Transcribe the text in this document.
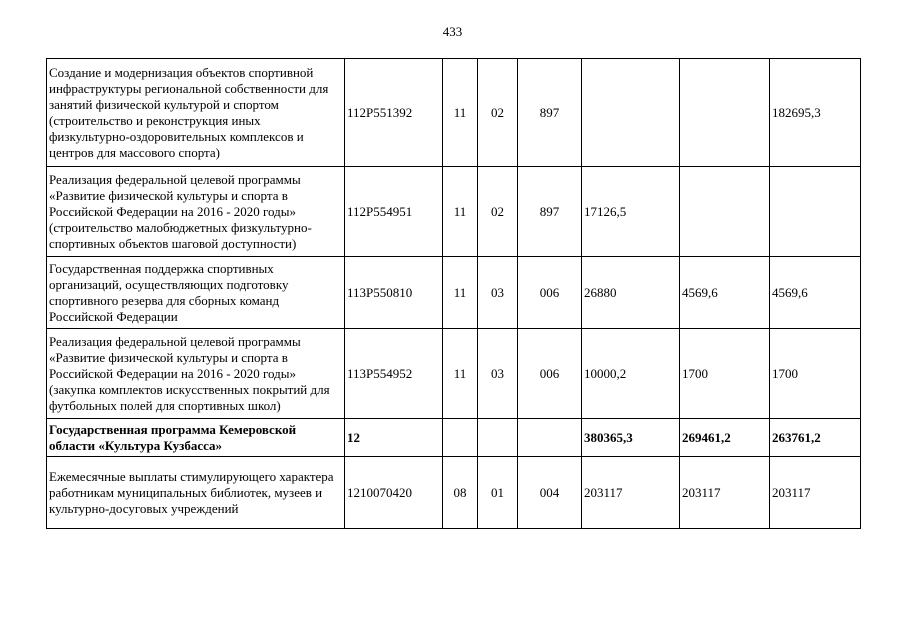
433
Создание и модернизация объектов спортивной инфраструктуры региональной собственности для занятий физической культурой и спортом (строительство и реконструкция иных физкультурно-оздоровительных комплексов и центров для массового спорта)	112P551392	11	02	897			182695,3
Реализация федеральной целевой программы «Развитие физической культуры и спорта в Российской Федерации на 2016 - 2020 годы» (строительство малобюджетных физкультурно-спортивных объектов шаговой доступности)	112P554951	11	02	897	17126,5		
Государственная поддержка спортивных организаций, осуществляющих подготовку спортивного резерва для сборных команд Российской Федерации	113P550810	11	03	006	26880	4569,6	4569,6
Реализация федеральной целевой программы «Развитие физической культуры и спорта в Российской Федерации на 2016 - 2020 годы» (закупка комплектов искусственных покрытий для футбольных полей для спортивных школ)	113P554952	11	03	006	10000,2	1700	1700
Государственная программа Кемеровской области «Культура Кузбасса»	12				380365,3	269461,2	263761,2
Ежемесячные выплаты стимулирующего характера работникам муниципальных библиотек, музеев и культурно-досуговых учреждений	1210070420	08	01	004	203117	203117	203117
